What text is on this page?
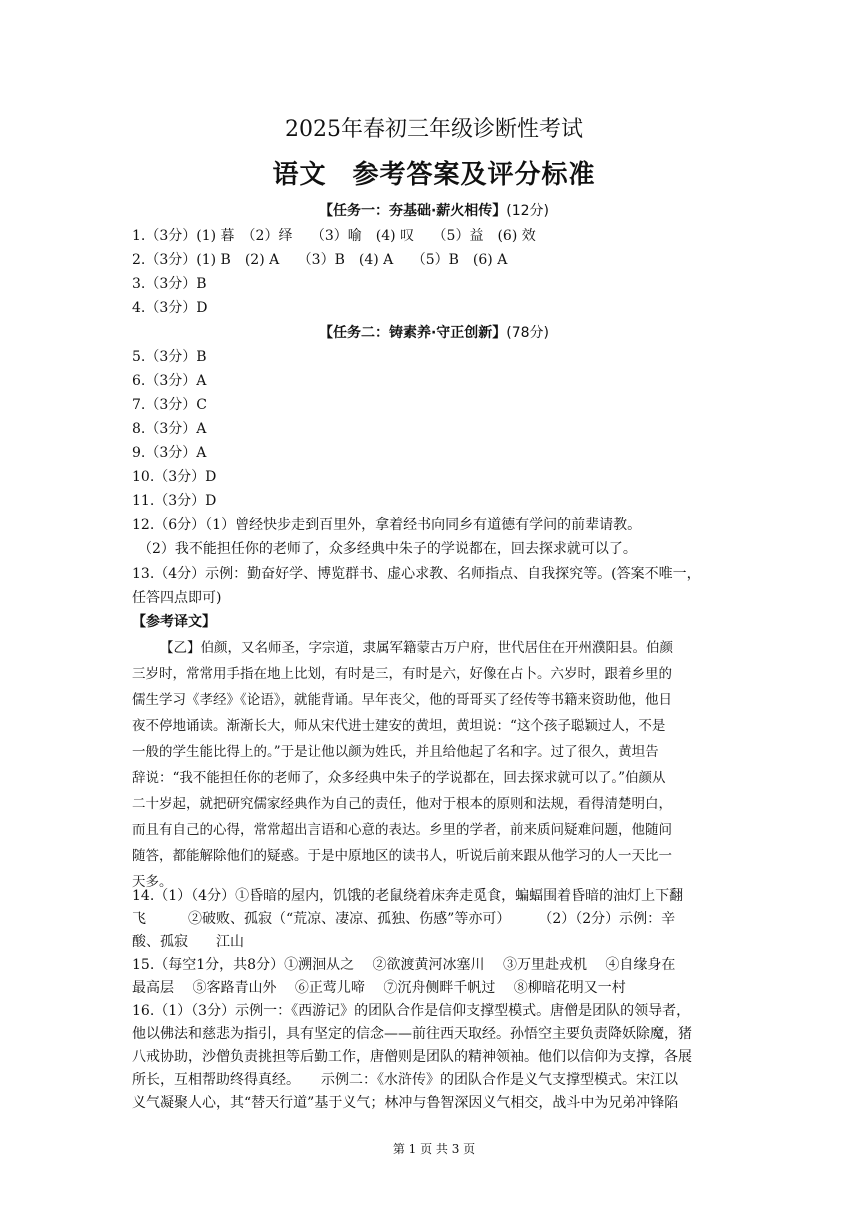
2025年春初三年级诊断性考试
语文 参考答案及评分标准
【任务一：夯基础·薪火相传】(12分)
1.（3分）(1) 暮　（2）绎　 （3）喻　(4) 叹　 （5）益　(6) 效
2.（3分）(1) B　(2) A　 （3）B　(4) A　 （5）B　(6) A
3.（3分）B
4.（3分）D
【任务二：铸素养·守正创新】(78分)
5.（3分）B
6.（3分）A
7.（3分）C
8.（3分）A
9.（3分）A
10.（3分）D
11.（3分）D
12.（6分）（1）曾经快步走到百里外，拿着经书向同乡有道德有学问的前辈请教。
（2）我不能担任你的老师了，众多经典中朱子的学说都在，回去探求就可以了。
13.（4分）示例：勤奋好学、博览群书、虚心求教、名师指点、自我探究等。(答案不唯一，
任答四点即可)
【参考译文】
【乙】伯颜，又名师圣，字宗道，隶属军籍蒙古万户府，世代居住在开州濮阳县。伯颜
三岁时，常常用手指在地上比划，有时是三，有时是六，好像在占卜。六岁时，跟着乡里的
儒生学习《孝经》《论语》，就能背诵。早年丧父，他的哥哥买了经传等书籍来资助他，他日
夜不停地诵读。渐渐长大，师从宋代进士建安的黄坦，黄坦说：“这个孩子聪颖过人，不是
一般的学生能比得上的。”于是让他以颜为姓氏，并且给他起了名和字。过了很久，黄坦告
辞说：“我不能担任你的老师了，众多经典中朱子的学说都在，回去探求就可以了。”伯颜从
二十岁起，就把研究儒家经典作为自己的责任，他对于根本的原则和法规，看得清楚明白，
而且有自己的心得，常常超出言语和心意的表达。乡里的学者，前来质问疑难问题，他随问
随答，都能解除他们的疑惑。于是中原地区的读书人，听说后前来跟从他学习的人一天比一
天多。
14.（1）（4分）①昏暗的屋内，饥饿的老鼠绕着床奔走觅食，蝙蝠围着昏暗的油灯上下翻
飞　　　②破败、孤寂（“荒凉、凄凉、孤独、伤感”等亦可）　　　（2）（2分）示例：辛
酸、孤寂　　江山
15.（每空1分，共8分）①溯洄从之　 ②欲渡黄河冰塞川　 ③万里赴戎机　 ④自缘身在
最高层　 ⑤客路青山外　 ⑥正莺儿啼　 ⑦沉舟侧畔千帆过　 ⑧柳暗花明又一村
16.（1）（3分）示例一：《西游记》的团队合作是信仰支撑型模式。唐僧是团队的领导者，
他以佛法和慈悲为指引，具有坚定的信念——前往西天取经。孙悟空主要负责降妖除魔，猪
八戒协助，沙僧负责挑担等后勤工作，唐僧则是团队的精神领袖。他们以信仰为支撑，各展
所长，互相帮助终得真经。　　示例二：《水浒传》的团队合作是义气支撑型模式。宋江以
义气凝聚人心，其“替天行道”基于义气；林冲与鲁智深因义气相交，战斗中为兄弟冲锋陷
第 1 页 共 3 页
